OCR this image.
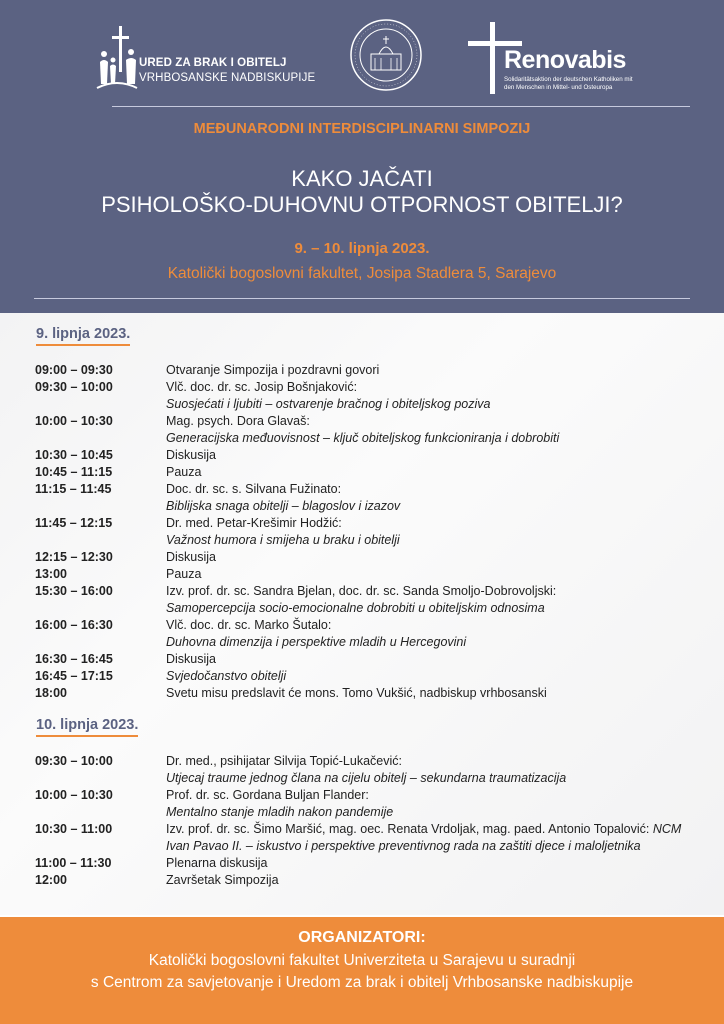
URED ZA BRAK I OBITELJ
VRHBOSANSKE NADBISKUPIJE
Renovabis
Solidaritätsaktion der deutschen Katholiken mit den Menschen in Mittel- und Osteuropa
MEĐUNARODNI INTERDISCIPLINARNI SIMPOZIJ
KAKO JAČATI
PSIHOLOŠKO-DUHOVNU OTPORNOST OBITELJI?
9. – 10. lipnja 2023.
Katolički bogoslovni fakultet, Josipa Stadlera 5, Sarajevo
9. lipnja 2023.
09:00 – 09:30	Otvaranje Simpozija i pozdravni govori
09:30 – 10:00	Vlč. doc. dr. sc. Josip Bošnjaković:
Suosjećati i ljubiti – ostvarenje bračnog i obiteljskog poziva
10:00 – 10:30	Mag. psych. Dora Glavaš:
Generacijska međuovisnost – ključ obiteljskog funkcioniranja i dobrobiti
10:30 – 10:45	Diskusija
10:45 – 11:15	Pauza
11:15 – 11:45	Doc. dr. sc. s. Silvana Fužinato:
Biblijska snaga obitelji – blagoslov i izazov
11:45 – 12:15	Dr. med. Petar-Krešimir Hodžić:
Važnost humora i smijeha u braku i obitelji
12:15 – 12:30	Diskusija
13:00	Pauza
15:30 – 16:00	Izv. prof. dr. sc. Sandra Bjelan, doc. dr. sc. Sanda Smoljo-Dobrovoljski:
Samopercepcija socio-emocionalne dobrobiti u obiteljskim odnosima
16:00 – 16:30	Vlč. doc. dr. sc. Marko Šutalo:
Duhovna dimenzija i perspektive mladih u Hercegovini
16:30 – 16:45	Diskusija
16:45 – 17:15	Svjedočanstvo obitelji
18:00	Svetu misu predslavit će mons. Tomo Vukšić, nadbiskup vrhbosanski
10. lipnja 2023.
09:30 – 10:00	Dr. med., psihijatar Silvija Topić-Lukačević:
Utjecaj traume jednog člana na cijelu obitelj – sekundarna traumatizacija
10:00 – 10:30	Prof. dr. sc. Gordana Buljan Flander:
Mentalno stanje mladih nakon pandemije
10:30 – 11:00	Izv. prof. dr. sc. Šimo Maršić, mag. oec. Renata Vrdoljak, mag. paed. Antonio Topalović: NCM Ivan Pavao II. – iskustvo i perspektive preventivnog rada na zaštiti djece i maloljetnika
11:00 – 11:30	Plenarna diskusija
12:00	Završetak Simpozija
ORGANIZATORI:
Katolički bogoslovni fakultet Univerziteta u Sarajevu u suradnji
s Centrom za savjetovanje i Uredom za brak i obitelj Vrhbosanske nadbiskupije
